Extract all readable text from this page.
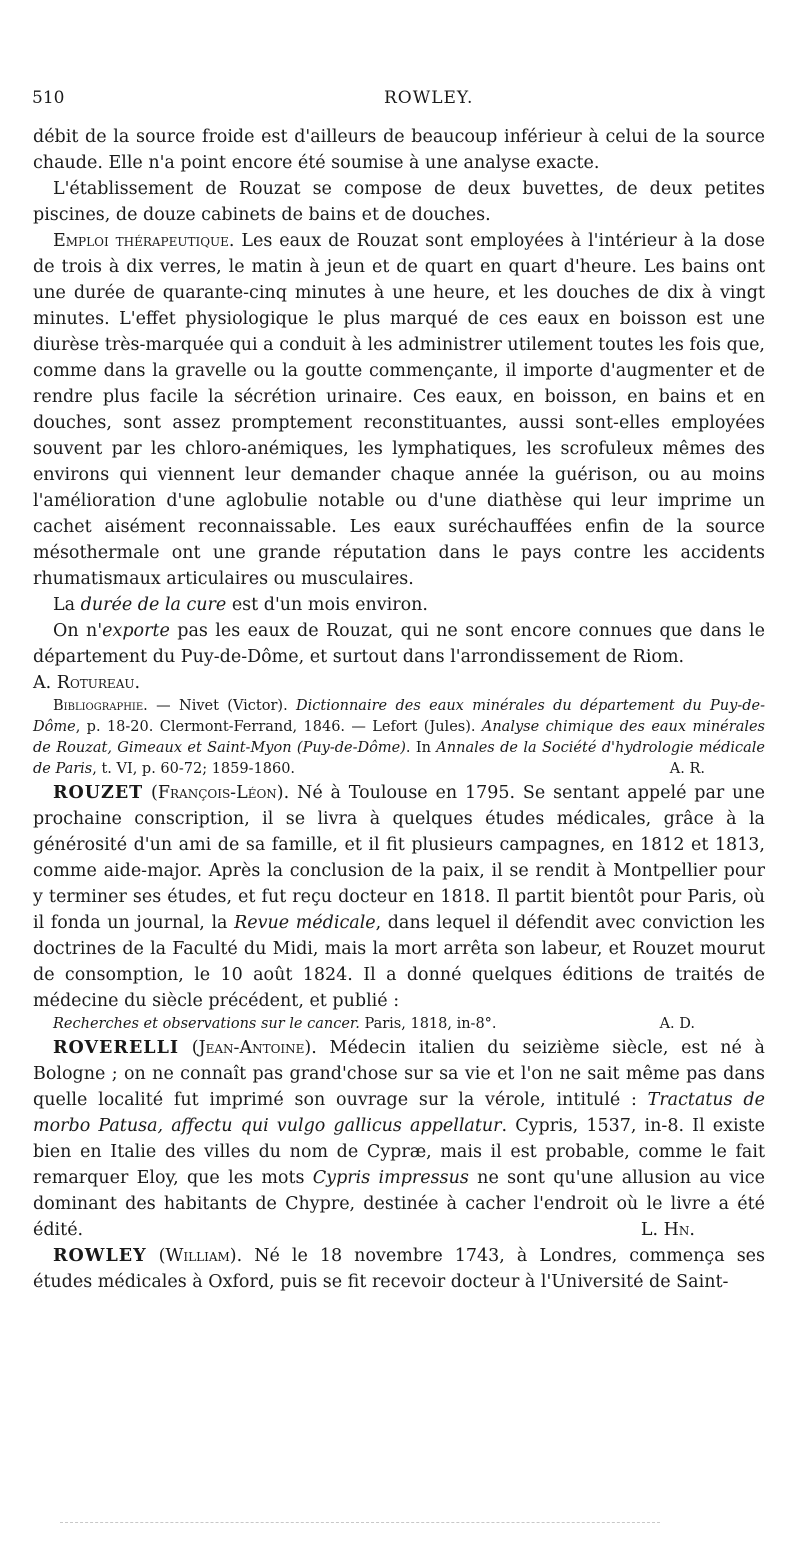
510	ROWLEY.

débit de la source froide est d'ailleurs de beaucoup inférieur à celui de la source chaude. Elle n'a point encore été soumise à une analyse exacte.

L'établissement de Rouzat se compose de deux buvettes, de deux petites piscines, de douze cabinets de bains et de douches.

Emploi thérapeutique. Les eaux de Rouzat sont employées à l'intérieur à la dose de trois à dix verres, le matin à jeun et de quart en quart d'heure. Les bains ont une durée de quarante-cinq minutes à une heure, et les douches de dix à vingt minutes. L'effet physiologique le plus marqué de ces eaux en boisson est une diurèse très-marquée qui a conduit à les administrer utilement toutes les fois que, comme dans la gravelle ou la goutte commençante, il importe d'augmenter et de rendre plus facile la sécrétion urinaire. Ces eaux, en boisson, en bains et en douches, sont assez promptement reconstituantes, aussi sont-elles employées souvent par les chloro-anémiques, les lymphatiques, les scrofuleux mêmes des environs qui viennent leur demander chaque année la guérison, ou au moins l'amélioration d'une aglobulie notable ou d'une diathèse qui leur imprime un cachet aisément reconnaissable. Les eaux suréchauffées enfin de la source mésothermale ont une grande réputation dans le pays contre les accidents rhumatismaux articulaires ou musculaires.

La durée de la cure est d'un mois environ.

On n'exporte pas les eaux de Rouzat, qui ne sont encore connues que dans le département du Puy-de-Dôme, et surtout dans l'arrondissement de Riom.

A. Rotureau.

Bibliographie. — Nivet (Victor). Dictionnaire des eaux minérales du département du Puy-de-Dôme, p. 18-20. Clermont-Ferrand, 1846. — Lefort (Jules). Analyse chimique des eaux minérales de Rouzat, Gimeaux et Saint-Myon (Puy-de-Dôme). In Annales de la Société d'hydrologie médicale de Paris, t. VI, p. 60-72; 1859-1860.	A. R.

ROUZET (François-Léon). Né à Toulouse en 1795. Se sentant appelé par une prochaine conscription, il se livra à quelques études médicales, grâce à la générosité d'un ami de sa famille, et il fit plusieurs campagnes, en 1812 et 1813, comme aide-major. Après la conclusion de la paix, il se rendit à Montpellier pour y terminer ses études, et fut reçu docteur en 1818. Il partit bientôt pour Paris, où il fonda un journal, la Revue médicale, dans lequel il défendit avec conviction les doctrines de la Faculté du Midi, mais la mort arrêta son labeur, et Rouzet mourut de consomption, le 10 août 1824. Il a donné quelques éditions de traités de médecine du siècle précédent, et publié :

Recherches et observations sur le cancer. Paris, 1818, in-8°.	A. D.

ROVERELLI (Jean-Antoine). Médecin italien du seizième siècle, est né à Bologne ; on ne connaît pas grand'chose sur sa vie et l'on ne sait même pas dans quelle localité fut imprimé son ouvrage sur la vérole, intitulé : Tractatus de morbo Patusa, affectu qui vulgo gallicus appellatur. Cypris, 1537, in-8. Il existe bien en Italie des villes du nom de Cypræ, mais il est probable, comme le fait remarquer Eloy, que les mots Cypris impressus ne sont qu'une allusion au vice dominant des habitants de Chypre, destinée à cacher l'endroit où le livre a été édité.	L. Hn.

ROWLEY (William). Né le 18 novembre 1743, à Londres, commença ses études médicales à Oxford, puis se fit recevoir docteur à l'Université de Saint-
